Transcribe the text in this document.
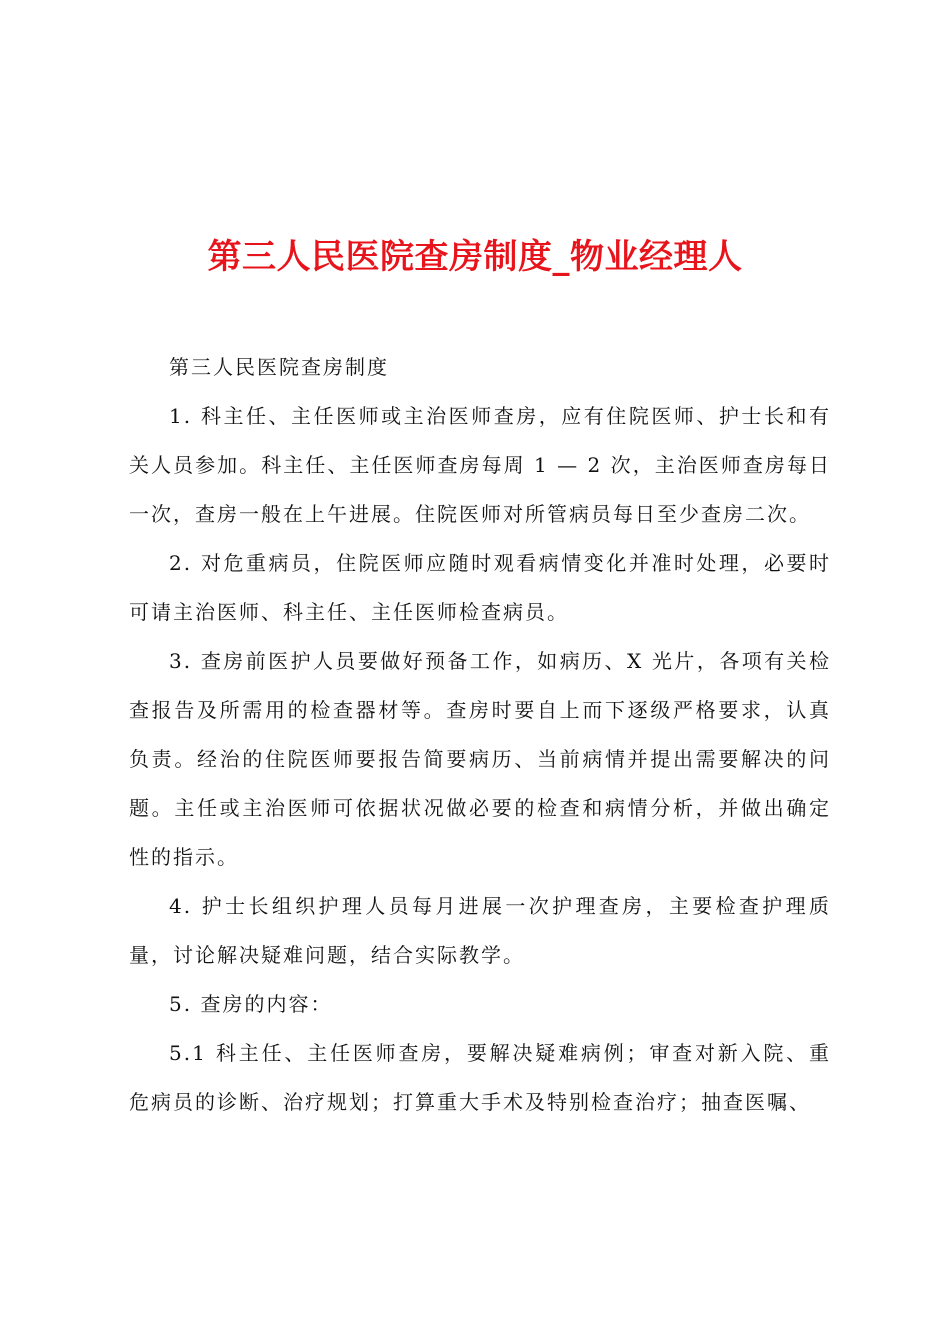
第三人民医院查房制度_物业经理人

第三人民医院查房制度

1. 科主任、主任医师或主治医师查房，应有住院医师、护士长和有关人员参加。科主任、主任医师查房每周 1 — 2 次，主治医师查房每日一次，查房一般在上午进展。住院医师对所管病员每日至少查房二次。

2. 对危重病员，住院医师应随时观看病情变化并准时处理，必要时可请主治医师、科主任、主任医师检查病员。

3. 查房前医护人员要做好预备工作，如病历、X 光片，各项有关检查报告及所需用的检查器材等。查房时要自上而下逐级严格要求，认真负责。经治的住院医师要报告简要病历、当前病情并提出需要解决的问题。主任或主治医师可依据状况做必要的检查和病情分析，并做出确定性的指示。

4. 护士长组织护理人员每月进展一次护理查房，主要检查护理质量，讨论解决疑难问题，结合实际教学。

5. 查房的内容：

5.1 科主任、主任医师查房，要解决疑难病例；审查对新入院、重危病员的诊断、治疗规划；打算重大手术及特别检查治疗；抽查医嘱、
